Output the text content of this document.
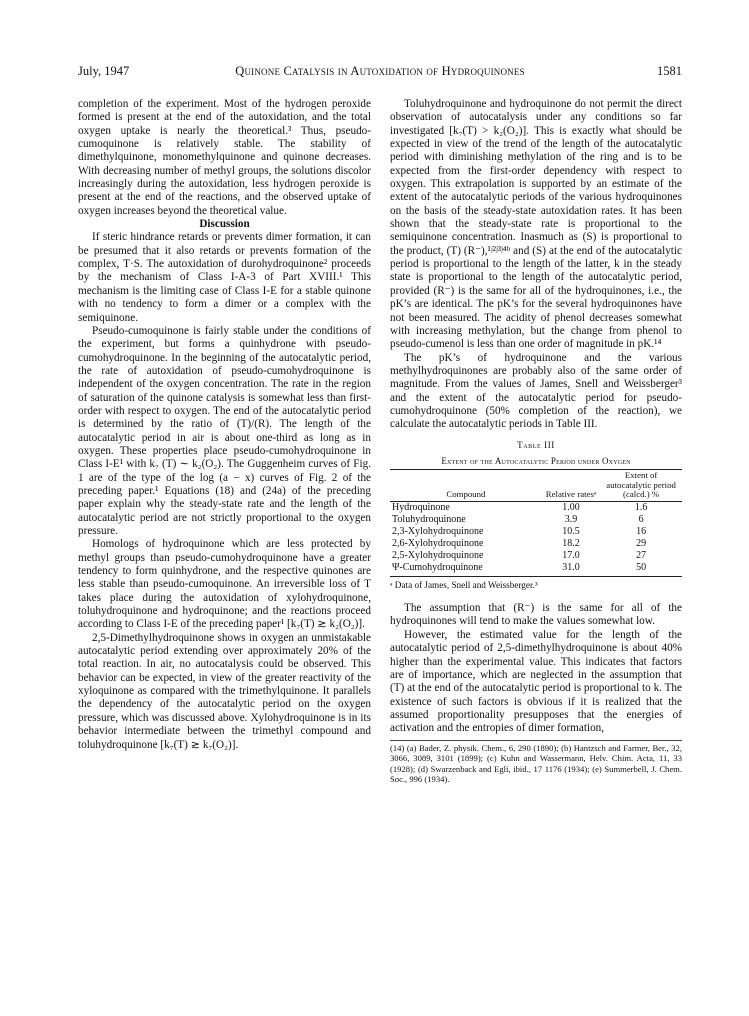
July, 1947	Quinone Catalysis in Autoxidation of Hydroquinones	1581

completion of the experiment. Most of the hydrogen peroxide formed is present at the end of the autoxidation, and the total oxygen uptake is nearly the theoretical.³ Thus, pseudo-cumoquinone is relatively stable. The stability of dimethylquinone, monomethylquinone and quinone decreases. With decreasing number of methyl groups, the solutions discolor increasingly during the autoxidation, less hydrogen peroxide is present at the end of the reactions, and the observed uptake of oxygen increases beyond the theoretical value.

Discussion

If steric hindrance retards or prevents dimer formation, it can be presumed that it also retards or prevents formation of the complex, T·S. The autoxidation of durohydroquinone² proceeds by the mechanism of Class I-A-3 of Part XVIII.¹ This mechanism is the limiting case of Class I-E for a stable quinone with no tendency to form a dimer or a complex with the semiquinone.

Pseudo-cumoquinone is fairly stable under the conditions of the experiment, but forms a quinhydrone with pseudo-cumohydroquinone. In the beginning of the autocatalytic period, the rate of autoxidation of pseudo-cumohydroquinone is independent of the oxygen concentration. The rate in the region of saturation of the quinone catalysis is somewhat less than first-order with respect to oxygen. The end of the autocatalytic period is determined by the ratio of (T)/(R). The length of the autocatalytic period in air is about one-third as long as in oxygen. These properties place pseudo-cumohydroquinone in Class I-E¹ with k₇ (T) ∼ k₂(O₂). The Guggenheim curves of Fig. 1 are of the type of the log (a − x) curves of Fig. 2 of the preceding paper.¹ Equations (18) and (24a) of the preceding paper explain why the steady-state rate and the length of the autocatalytic period are not strictly proportional to the oxygen pressure.

Homologs of hydroquinone which are less protected by methyl groups than pseudo-cumohydroquinone have a greater tendency to form quinhydrone, and the respective quinones are less stable than pseudo-cumoquinone. An irreversible loss of T takes place during the autoxidation of xylohydroquinone, toluhydroquinone and hydroquinone; and the reactions proceed according to Class I-E of the preceding paper¹ [k₇(T) ≳ k₂(O₂)].

2,5-Dimethylhydroquinone shows in oxygen an unmistakable autocatalytic period extending over approximately 20% of the total reaction. In air, no autocatalysis could be observed. This behavior can be expected, in view of the greater reactivity of the xyloquinone as compared with the trimethylquinone. It parallels the dependency of the autocatalytic period on the oxygen pressure, which was discussed above. Xylohydroquinone is in its behavior intermediate between the trimethyl compound and toluhydroquinone [k₇(T) ≳ k₇(O₂)].

Toluhydroquinone and hydroquinone do not permit the direct observation of autocatalysis under any conditions so far investigated [k₇(T) > k₂(O₂)]. This is exactly what should be expected in view of the trend of the length of the autocatalytic period with diminishing methylation of the ring and is to be expected from the first-order dependency with respect to oxygen. This extrapolation is supported by an estimate of the extent of the autocatalytic periods of the various hydroquinones on the basis of the steady-state autoxidation rates. It has been shown that the steady-state rate is proportional to the semiquinone concentration. Inasmuch as (S) is proportional to the product, (T) (R⁻),¹ʲ²ʲ³ʲ⁴ᵇ and (S) at the end of the autocatalytic period is proportional to the length of the latter, k in the steady state is proportional to the length of the autocatalytic period, provided (R⁻) is the same for all of the hydroquinones, i.e., the pK’s are identical. The pK’s for the several hydroquinones have not been measured. The acidity of phenol decreases somewhat with increasing methylation, but the change from phenol to pseudo-cumenol is less than one order of magnitude in pK.¹⁴

The pK’s of hydroquinone and the various methylhydroquinones are probably also of the same order of magnitude. From the values of James, Snell and Weissberger³ and the extent of the autocatalytic period for pseudo-cumohydroquinone (50% completion of the reaction), we calculate the autocatalytic periods in Table III.

Table III
Extent of the Autocatalytic Period under Oxygen
Compound	Relative ratesᵃ	Extent of autocatalytic period (calcd.) %
Hydroquinone	1.00	1.6
Toluhydroquinone	3.9	6
2,3-Xylohydroquinone	10.5	16
2,6-Xylohydroquinone	18.2	29
2,5-Xylohydroquinone	17.0	27
Ψ-Cumohydroquinone	31.0	50
ᵃ Data of James, Snell and Weissberger.³

The assumption that (R⁻) is the same for all of the hydroquinones will tend to make the values somewhat low.

However, the estimated value for the length of the autocatalytic period of 2,5-dimethylhydroquinone is about 40% higher than the experimental value. This indicates that factors are of importance, which are neglected in the assumption that (T) at the end of the autocatalytic period is proportional to k. The existence of such factors is obvious if it is realized that the assumed proportionality presupposes that the energies of activation and the entropies of dimer formation,

(14) (a) Bader, Z. physik. Chem., 6, 290 (1890); (b) Hantzsch and Farmer, Ber., 32, 3066, 3089, 3101 (1899); (c) Kuhn and Wassermann, Helv. Chim. Acta, 11, 33 (1928); (d) Swarzenback and Egli, ibid., 17 1176 (1934); (e) Summerbell, J. Chem. Soc., 996 (1934).
